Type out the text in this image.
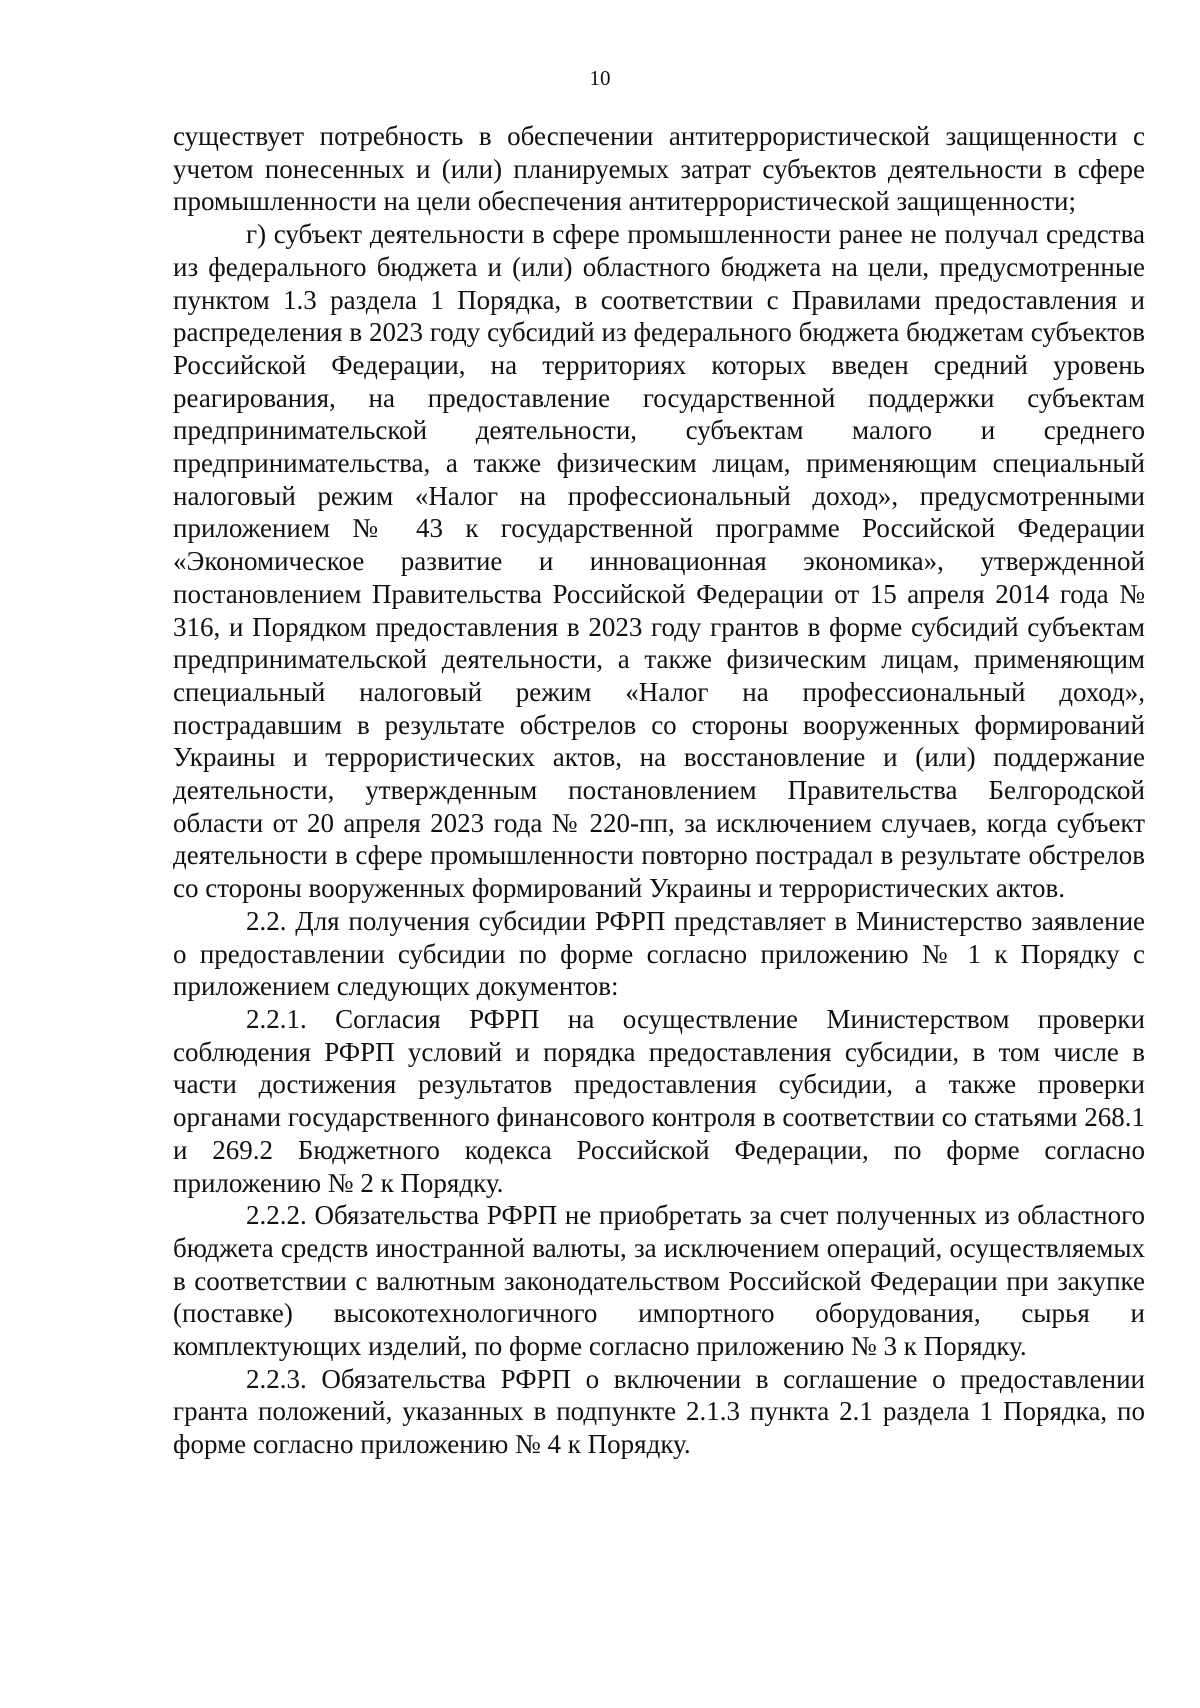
10

существует потребность в обеспечении антитеррористической защищенности с учетом понесенных и (или) планируемых затрат субъектов деятельности в сфере промышленности на цели обеспечения антитеррористической защищенности;

г) субъект деятельности в сфере промышленности ранее не получал средства из федерального бюджета и (или) областного бюджета на цели, предусмотренные пунктом 1.3 раздела 1 Порядка, в соответствии с Правилами предоставления и распределения в 2023 году субсидий из федерального бюджета бюджетам субъектов Российской Федерации, на территориях которых введен средний уровень реагирования, на предоставление государственной поддержки субъектам предпринимательской деятельности, субъектам малого и среднего предпринимательства, а также физическим лицам, применяющим специальный налоговый режим «Налог на профессиональный доход», предусмотренными приложением № 43 к государственной программе Российской Федерации «Экономическое развитие и инновационная экономика», утвержденной постановлением Правительства Российской Федерации от 15 апреля 2014 года № 316, и Порядком предоставления в 2023 году грантов в форме субсидий субъектам предпринимательской деятельности, а также физическим лицам, применяющим специальный налоговый режим «Налог на профессиональный доход», пострадавшим в результате обстрелов со стороны вооруженных формирований Украины и террористических актов, на восстановление и (или) поддержание деятельности, утвержденным постановлением Правительства Белгородской области от 20 апреля 2023 года № 220-пп, за исключением случаев, когда субъект деятельности в сфере промышленности повторно пострадал в результате обстрелов со стороны вооруженных формирований Украины и террористических актов.

2.2. Для получения субсидии РФРП представляет в Министерство заявление о предоставлении субсидии по форме согласно приложению № 1 к Порядку с приложением следующих документов:

2.2.1. Согласия РФРП на осуществление Министерством проверки соблюдения РФРП условий и порядка предоставления субсидии, в том числе в части достижения результатов предоставления субсидии, а также проверки органами государственного финансового контроля в соответствии со статьями 268.1 и 269.2 Бюджетного кодекса Российской Федерации, по форме согласно приложению № 2 к Порядку.

2.2.2. Обязательства РФРП не приобретать за счет полученных из областного бюджета средств иностранной валюты, за исключением операций, осуществляемых в соответствии с валютным законодательством Российской Федерации при закупке (поставке) высокотехнологичного импортного оборудования, сырья и комплектующих изделий, по форме согласно приложению № 3 к Порядку.

2.2.3. Обязательства РФРП о включении в соглашение о предоставлении гранта положений, указанных в подпункте 2.1.3 пункта 2.1 раздела 1 Порядка, по форме согласно приложению № 4 к Порядку.
